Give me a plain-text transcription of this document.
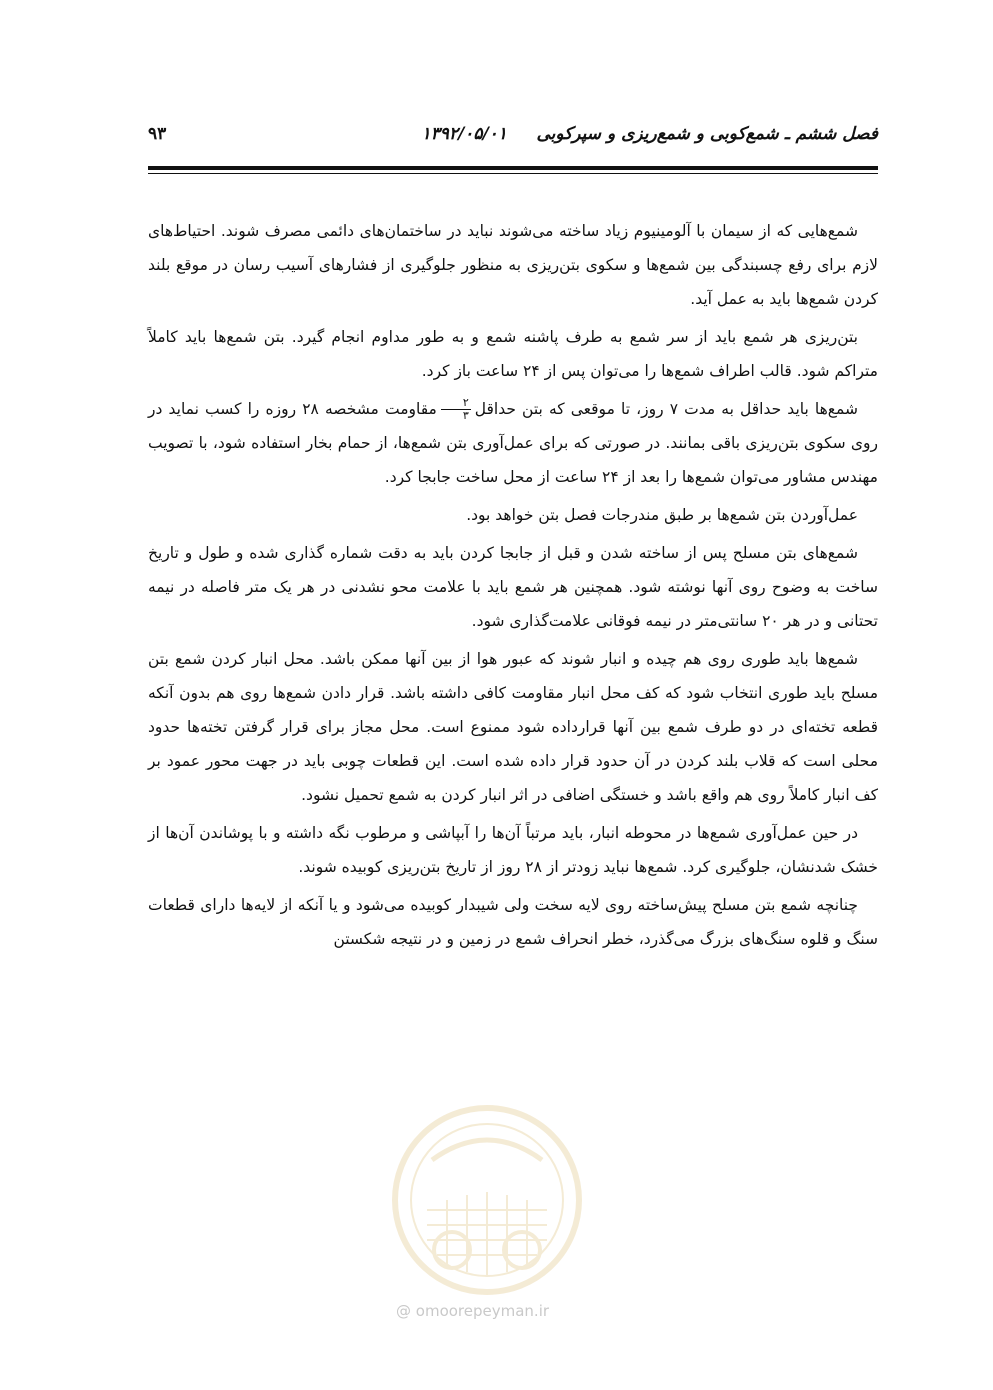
فصل ششم ـ شمع‌کوبی و شمع‌ریزی و سپرکوبی     ۱۳۹۲/۰۵/۰۱
۹۳

شمع‌هایی که از سیمان با آلومینیوم زیاد ساخته می‌شوند نباید در ساختمان‌های دائمی مصرف شوند. احتیاط‌های لازم برای رفع چسبندگی بین شمع‌ها و سکوی بتن‌ریزی به منظور جلوگیری از فشارهای آسیب رسان در موقع بلند کردن شمع‌ها باید به عمل آید.

بتن‌ریزی هر شمع باید از سر شمع به طرف پاشنه شمع و به طور مداوم انجام گیرد. بتن شمع‌ها باید کاملاً متراکم شود. قالب اطراف شمع‌ها را می‌توان پس از ۲۴ ساعت باز کرد.

شمع‌ها باید حداقل به مدت ۷ روز، تا موقعی که بتن حداقل
$\frac{۲}{۳}$
مقاومت مشخصه ۲۸ روزه را کسب نماید در روی سکوی بتن‌ریزی باقی بمانند. در صورتی که برای عمل‌آوری بتن شمع‌ها، از حمام بخار استفاده شود، با تصویب مهندس مشاور می‌توان شمع‌ها را بعد از ۲۴ ساعت از محل ساخت جابجا کرد.

عمل‌آوردن بتن شمع‌ها بر طبق مندرجات فصل بتن خواهد بود.

شمع‌های بتن مسلح پس از ساخته شدن و قبل از جابجا کردن باید به دقت شماره گذاری شده و طول و تاریخ ساخت به وضوح روی آنها نوشته شود. همچنین هر شمع باید با علامت محو نشدنی در هر یک متر فاصله در نیمه تحتانی و در هر ۲۰ سانتی‌متر در نیمه فوقانی علامت‌گذاری شود.

شمع‌ها باید طوری روی هم چیده و انبار شوند که عبور هوا از بین آنها ممکن باشد. محل انبار کردن شمع بتن مسلح باید طوری انتخاب شود که کف محل انبار مقاومت کافی داشته باشد. قرار دادن شمع‌ها روی هم بدون آنکه قطعه تخته‌ای در دو طرف شمع بین آنها قرارداده شود ممنوع است. محل مجاز برای قرار گرفتن تخته‌ها حدود محلی است که قلاب بلند کردن در آن حدود قرار داده شده است. این قطعات چوبی باید در جهت محور عمود بر کف انبار کاملاً روی هم واقع باشد و خستگی اضافی در اثر انبار کردن به شمع تحمیل نشود.

در حین عمل‌آوری شمع‌ها در محوطه انبار، باید مرتباً آن‌ها را آبپاشی و مرطوب نگه داشته و با پوشاندن آن‌ها از خشک شدنشان، جلوگیری کرد. شمع‌ها نباید زودتر از ۲۸ روز از تاریخ بتن‌ریزی کوبیده شوند.

چنانچه شمع بتن مسلح پیش‌ساخته روی لایه سخت ولی شیبدار کوبیده می‌شود و یا آنکه از لایه‌ها دارای قطعات سنگ و قلوه سنگ‌های بزرگ می‌گذرد، خطر انحراف شمع در زمین و در نتیجه شکستن

@ omoorepeyman.ir
